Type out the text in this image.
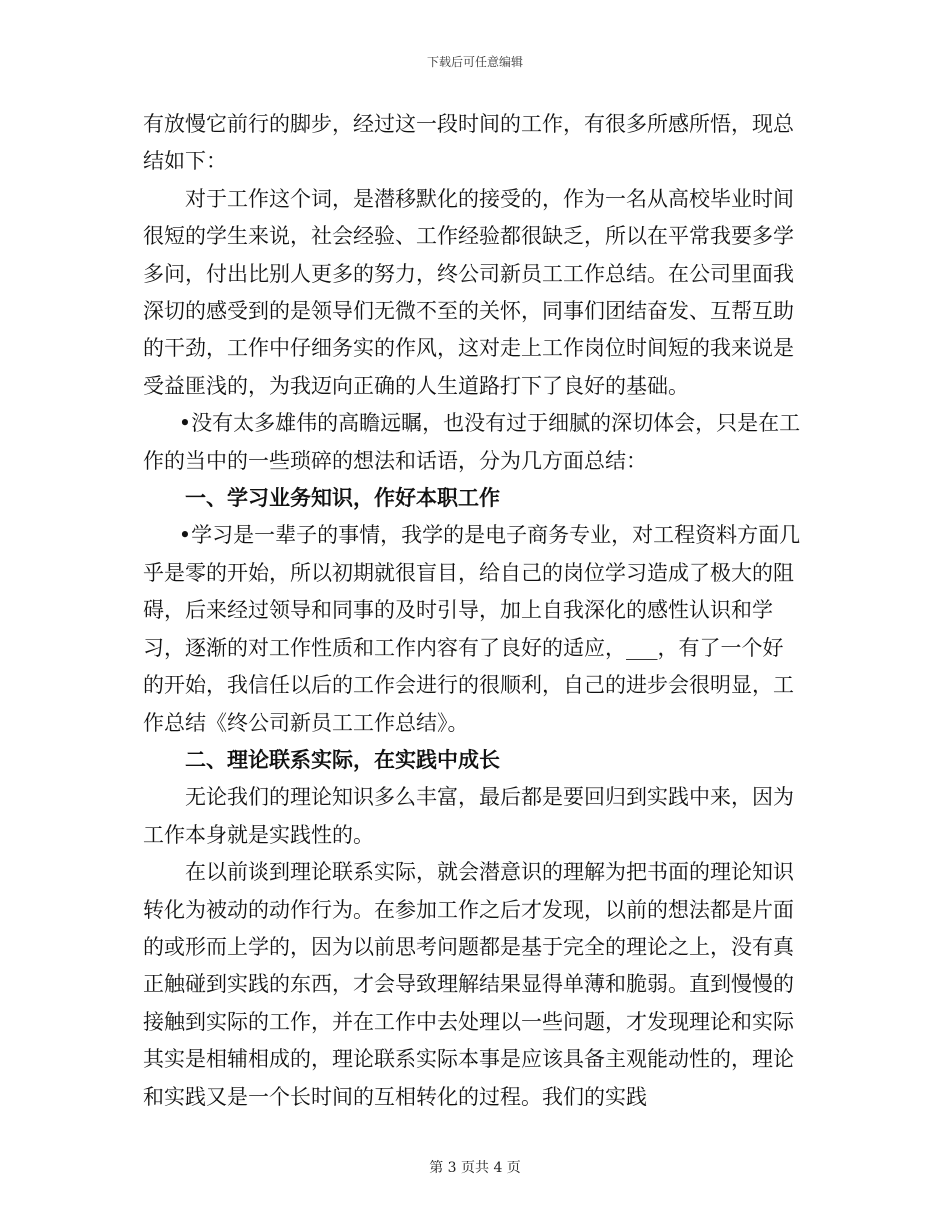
下载后可任意编辑

有放慢它前行的脚步，经过这一段时间的工作，有很多所感所悟，现总结如下：

对于工作这个词，是潜移默化的接受的，作为一名从高校毕业时间很短的学生来说，社会经验、工作经验都很缺乏，所以在平常我要多学多问，付出比别人更多的努力，终公司新员工工作总结。在公司里面我深切的感受到的是领导们无微不至的关怀，同事们团结奋发、互帮互助的干劲，工作中仔细务实的作风，这对走上工作岗位时间短的我来说是受益匪浅的，为我迈向正确的人生道路打下了良好的基础。

•没有太多雄伟的高瞻远瞩，也没有过于细腻的深切体会，只是在工作的当中的一些琐碎的想法和话语，分为几方面总结：

一、学习业务知识，作好本职工作

•学习是一辈子的事情，我学的是电子商务专业，对工程资料方面几乎是零的开始，所以初期就很盲目，给自己的岗位学习造成了极大的阻碍，后来经过领导和同事的及时引导，加上自我深化的感性认识和学习，逐渐的对工作性质和工作内容有了良好的适应，___，有了一个好的开始，我信任以后的工作会进行的很顺利，自己的进步会很明显，工作总结《终公司新员工工作总结》。

二、理论联系实际，在实践中成长

无论我们的理论知识多么丰富，最后都是要回归到实践中来，因为工作本身就是实践性的。

在以前谈到理论联系实际，就会潜意识的理解为把书面的理论知识转化为被动的动作行为。在参加工作之后才发现，以前的想法都是片面的或形而上学的，因为以前思考问题都是基于完全的理论之上，没有真正触碰到实践的东西，才会导致理解结果显得单薄和脆弱。直到慢慢的接触到实际的工作，并在工作中去处理以一些问题，才发现理论和实际其实是相辅相成的，理论联系实际本事是应该具备主观能动性的，理论和实践又是一个长时间的互相转化的过程。我们的实践

第 3 页共 4 页
